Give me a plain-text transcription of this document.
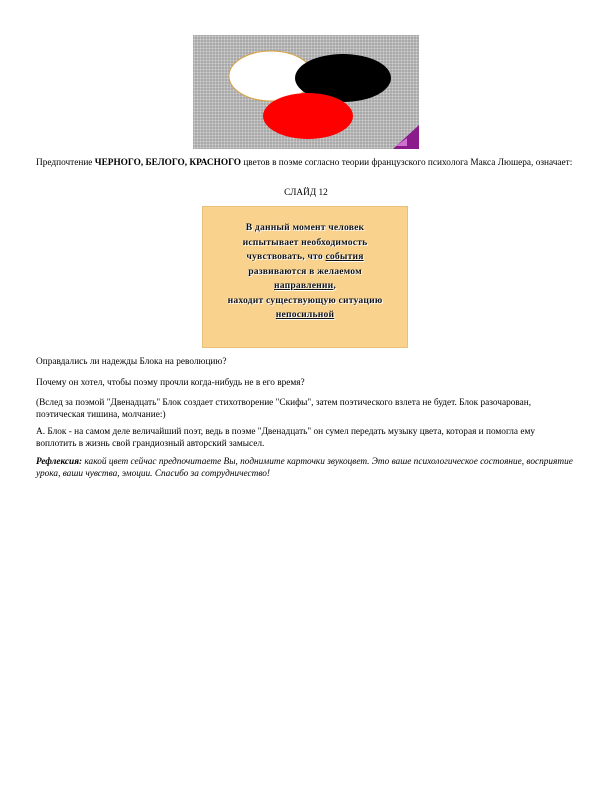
Предпочтение ЧЕРНОГО, БЕЛОГО, КРАСНОГО цветов в поэме согласно теории французского психолога Макса Люшера, означает:

СЛАЙД 12
В данный момент человек
испытывает необходимость
чувствовать, что события
развиваются в желаемом
направлении,
находит существующую ситуацию
непосильной
Оправдались ли надежды Блока на революцию?
Почему он хотел, чтобы поэму прочли когда-нибудь не в его время?
(Вслед за поэмой "Двенадцать" Блок создает стихотворение "Скифы", затем поэтического взлета не будет. Блок разочарован, поэтическая тишина, молчание:)
А. Блок - на самом деле величайший поэт, ведь в поэме "Двенадцать" он сумел передать музыку цвета, которая и помогла ему воплотить в жизнь свой грандиозный авторский замысел.
Рефлексия: какой цвет сейчас предпочитаете Вы, поднимите карточки звукоцвет. Это ваше психологическое состояние, восприятие урока, ваши чувства, эмоции. Спасибо за сотрудничество!
